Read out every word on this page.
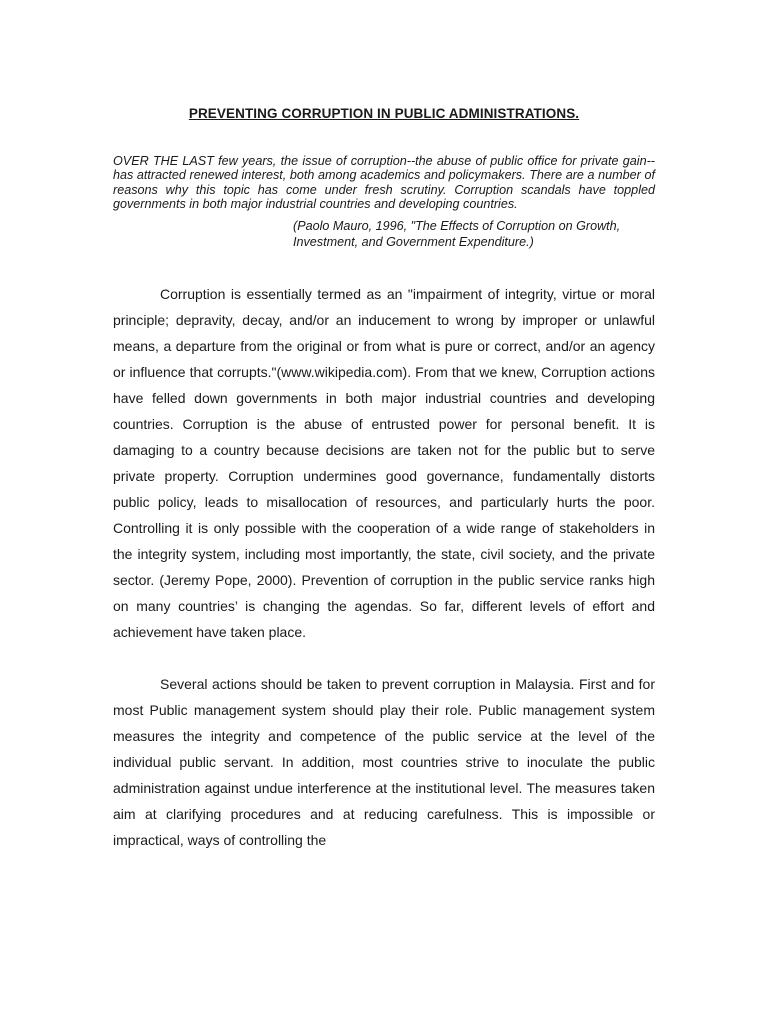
PREVENTING CORRUPTION IN PUBLIC ADMINISTRATIONS.

OVER THE LAST few years, the issue of corruption--the abuse of public office for private gain--has attracted renewed interest, both among academics and policymakers. There are a number of reasons why this topic has come under fresh scrutiny. Corruption scandals have toppled governments in both major industrial countries and developing countries.

(Paolo Mauro, 1996, "The Effects of Corruption on Growth, Investment, and Government Expenditure.)

Corruption is essentially termed as an "impairment of integrity, virtue or moral principle; depravity, decay, and/or an inducement to wrong by improper or unlawful means, a departure from the original or from what is pure or correct, and/or an agency or influence that corrupts."(www.wikipedia.com). From that we knew, Corruption actions have felled down governments in both major industrial countries and developing countries. Corruption is the abuse of entrusted power for personal benefit. It is damaging to a country because decisions are taken not for the public but to serve private property. Corruption undermines good governance, fundamentally distorts public policy, leads to misallocation of resources, and particularly hurts the poor. Controlling it is only possible with the cooperation of a wide range of stakeholders in the integrity system, including most importantly, the state, civil society, and the private sector. (Jeremy Pope, 2000). Prevention of corruption in the public service ranks high on many countries’ is changing the agendas. So far, different levels of effort and achievement have taken place.

Several actions should be taken to prevent corruption in Malaysia. First and for most Public management system should play their role. Public management system measures the integrity and competence of the public service at the level of the individual public servant. In addition, most countries strive to inoculate the public administration against undue interference at the institutional level. The measures taken aim at clarifying procedures and at reducing carefulness. This is impossible or impractical, ways of controlling the
